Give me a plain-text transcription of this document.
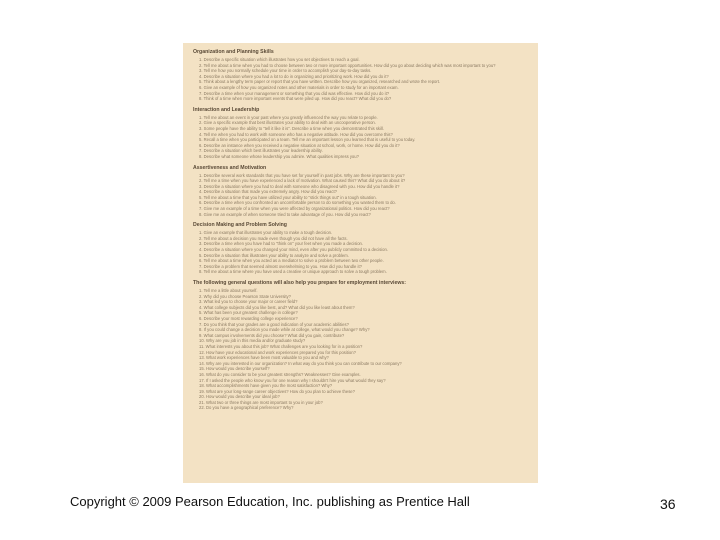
Organization and Planning Skills
1. Describe a specific situation which illustrates how you set objectives to reach a goal.
2. Tell me about a time when you had to choose between two or more important opportunities. How did you go about deciding which was most important to you?
3. Tell me how you normally schedule your time in order to accomplish your day-to-day tasks.
4. Describe a situation where you had a lot to do in organizing and prioritizing work. How did you do it?
5. Think about a lengthy term paper or report that you have written. Describe how you organized, researched and wrote the report.
6. Give an example of how you organized notes and other materials in order to study for an important exam.
7. Describe a time when your management or something that you did was effective. How did you do it?
8. Think of a time when more important events that were piled up. How did you react? What did you do?
Interaction and Leadership
1. Tell me about an event in your past where you greatly influenced the way you relate to people.
2. Give a specific example that best illustrates your ability to deal with an uncooperative person.
3. Some people have the ability to "tell it like it is". Describe a time when you demonstrated this skill.
4. Tell me when you had to work with someone who has a negative attitude. How did you overcome this?
5. Recall a time when you participated on a team. Tell me an important lesson you learned that is useful to you today.
6. Describe an instance when you received a negative situation at school, work, or home. How did you do it?
7. Describe a situation which best illustrates your leadership ability.
8. Describe what someone whose leadership you admire. What qualities impress you?
Assertiveness and Motivation
1. Describe several work standards that you have set for yourself in past jobs. Why are these important to you?
2. Tell me a time when you have experienced a lack of motivation. What caused this? What did you do about it?
3. Describe a situation where you had to deal with someone who disagreed with you. How did you handle it?
4. Describe a situation that made you extremely angry. How did you react?
5. Tell me about a time that you have utilized your ability to "stick things out" in a tough situation.
6. Describe a time when you confronted an uncomfortable person to do something you wanted them to do.
7. Give me an example of a time when you were affected by organizational politics. How did you react?
8. Give me an example of when someone tried to take advantage of you. How did you react?
Decision Making and Problem Solving
1. Give an example that illustrates your ability to make a tough decision.
2. Tell me about a decision you made even though you did not have all the facts.
3. Describe a time when you have had to "think on" your feet when you made a decision.
4. Describe a situation where you changed your mind, even after you publicly committed to a decision.
5. Describe a situation that illustrates your ability to analyze and solve a problem.
6. Tell me about a time when you acted as a mediator to solve a problem between two other people.
7. Describe a problem that seemed almost overwhelming to you. How did you handle it?
8. Tell me about a time where you have used a creative or unique approach to solve a tough problem.
The following general questions will also help you prepare for employment interviews:
1. Tell me a little about yourself.
2. Why did you choose Pearson State University?
3. What led you to choose your major or career field?
4. What college subjects did you like best, and? What did you like least about them?
5. What has been your greatest challenge in college?
6. Describe your most rewarding college experience?
7. Do you think that your grades are a good indication of your academic abilities?
8. If you could change a decision you made while at college, what would you change? Why?
9. What campus involvements did you choose? What did you gain, contribute?
10. Why are you job in this media and/or graduate study?
11. What interests you about this job? What challenges are you looking for in a position?
12. How have your educational and work experiences prepared you for this position?
13. What work experiences have been most valuable to you and why?
14. Why are you interested in our organization? In what way do you think you can contribute to our company?
15. How would you describe yourself?
16. What do you consider to be your greatest strengths? Weaknesses? Give examples.
17. If I asked the people who know you for one reason why I shouldn't hire you what would they say?
18. What accomplishments have given you the most satisfaction? Why?
19. What are your long-range career objectives? How do you plan to achieve these?
20. How would you describe your ideal job?
21. What two or three things are most important to you in your job?
22. Do you have a geographical preference? Why?
Copyright © 2009 Pearson Education, Inc. publishing as Prentice Hall	36
